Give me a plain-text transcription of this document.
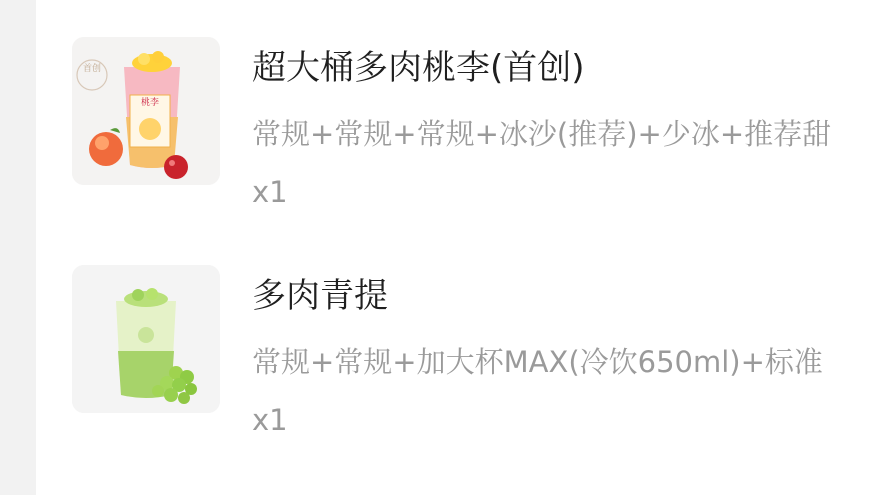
首创
桃李
超大桶多肉桃李(首创)
常规+常规+常规+冰沙(推荐)+少冰+推荐甜
x1
多肉青提
常规+常规+加大杯MAX(冷饮650ml)+标准
x1
